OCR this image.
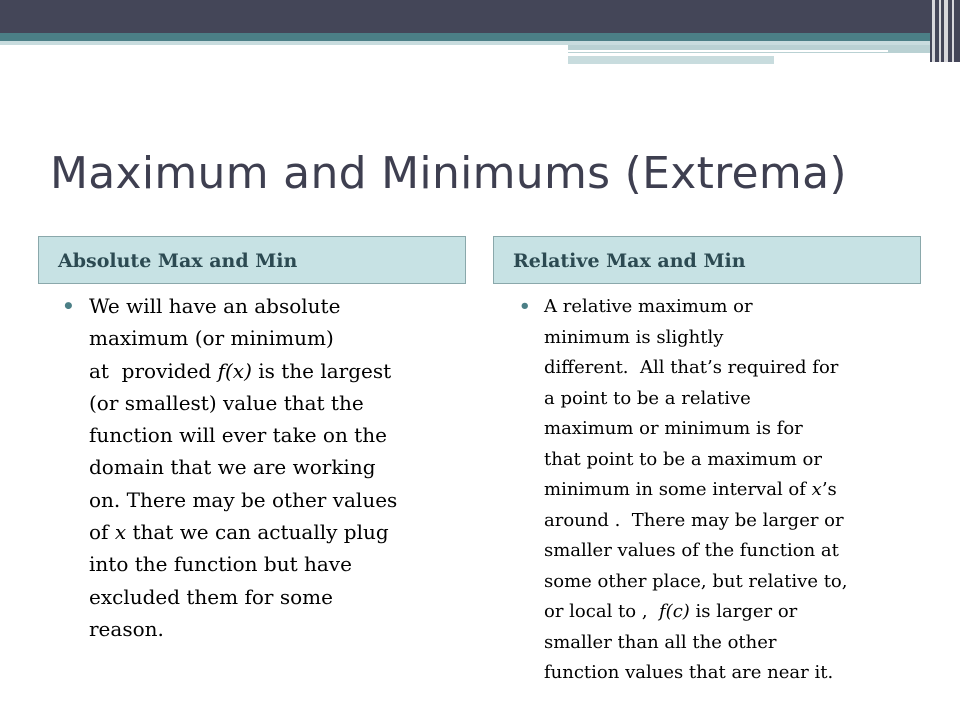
Maximum and Minimums (Extrema)
Absolute Max and Min	Relative Max and Min
• We will have an absolute
maximum (or minimum)
at  provided f(x) is the largest
(or smallest) value that the
function will ever take on the
domain that we are working
on. There may be other values
of x that we can actually plug
into the function but have
excluded them for some
reason.
• A relative maximum or
minimum is slightly
different.  All that’s required for
a point to be a relative
maximum or minimum is for
that point to be a maximum or
minimum in some interval of x’s
around .  There may be larger or
smaller values of the function at
some other place, but relative to,
or local to ,  f(c) is larger or
smaller than all the other
function values that are near it.
